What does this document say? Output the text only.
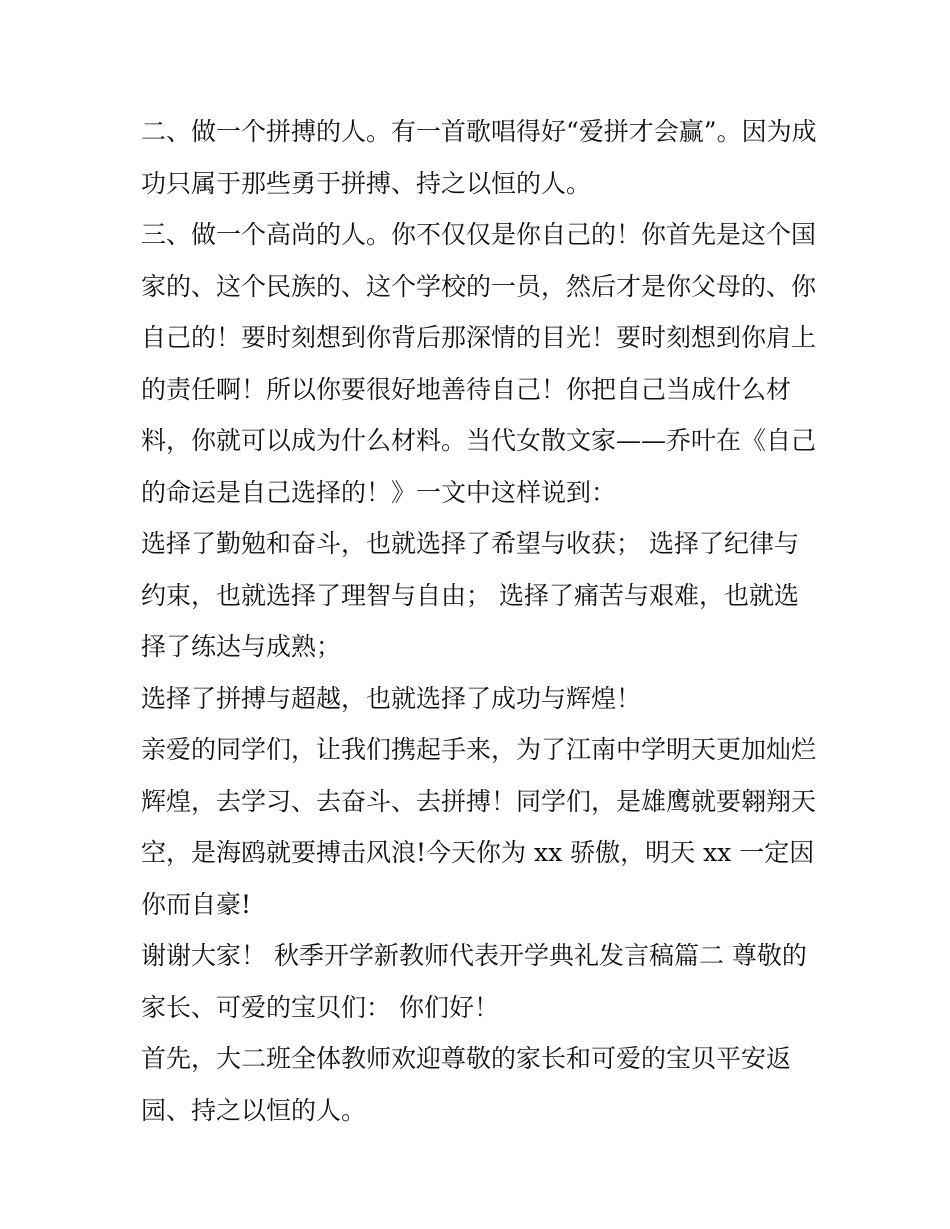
二、做一个拼搏的人。有一首歌唱得好“爱拼才会赢”。因为成功只属于那些勇于拼搏、持之以恒的人。

三、做一个高尚的人。你不仅仅是你自己的！你首先是这个国家的、这个民族的、这个学校的一员，然后才是你父母的、你自己的！要时刻想到你背后那深情的目光！要时刻想到你肩上的责任啊！所以你要很好地善待自己！你把自己当成什么材料，你就可以成为什么材料。当代女散文家——乔叶在《自己的命运是自己选择的！》一文中这样说到：

选择了勤勉和奋斗，也就选择了希望与收获； 选择了纪律与约束，也就选择了理智与自由； 选择了痛苦与艰难，也就选择了练达与成熟；

选择了拼搏与超越，也就选择了成功与辉煌！

亲爱的同学们，让我们携起手来，为了江南中学明天更加灿烂辉煌，去学习、去奋斗、去拼搏！同学们，是雄鹰就要翱翔天空，是海鸥就要搏击风浪!今天你为 xx 骄傲，明天 xx 一定因你而自豪!

谢谢大家！ 秋季开学新教师代表开学典礼发言稿篇二 尊敬的家长、可爱的宝贝们： 你们好！

首先，大二班全体教师欢迎尊敬的家长和可爱的宝贝平安返园、持之以恒的人。
